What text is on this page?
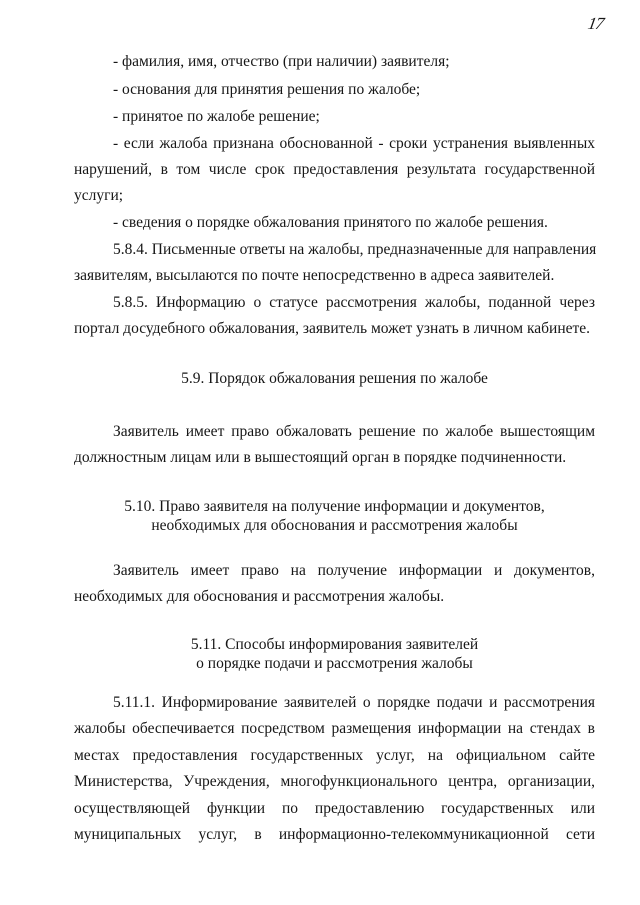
17
- фамилия, имя, отчество (при наличии) заявителя;
- основания для принятия решения по жалобе;
- принятое по жалобе решение;
- если жалоба признана обоснованной - сроки устранения выявленных
нарушений, в том числе срок предоставления результата государственной
услуги;
- сведения о порядке обжалования принятого по жалобе решения.
5.8.4. Письменные ответы на жалобы, предназначенные для направления
заявителям, высылаются по почте непосредственно в адреса заявителей.
5.8.5. Информацию о статусе рассмотрения жалобы, поданной через
портал досудебного обжалования, заявитель может узнать в личном кабинете.
5.9. Порядок обжалования решения по жалобе
Заявитель имеет право обжаловать решение по жалобе вышестоящим
должностным лицам или в вышестоящий орган в порядке подчиненности.
5.10. Право заявителя на получение информации и документов,
необходимых для обоснования и рассмотрения жалобы
Заявитель имеет право на получение информации и документов,
необходимых для обоснования и рассмотрения жалобы.
5.11. Способы информирования заявителей
о порядке подачи и рассмотрения жалобы
5.11.1. Информирование заявителей о порядке подачи и рассмотрения
жалобы обеспечивается посредством размещения информации на стендах в
местах предоставления государственных услуг, на официальном сайте
Министерства, Учреждения, многофункционального центра, организации,
осуществляющей функции по предоставлению государственных или
муниципальных услуг, в информационно-телекоммуникационной сети
